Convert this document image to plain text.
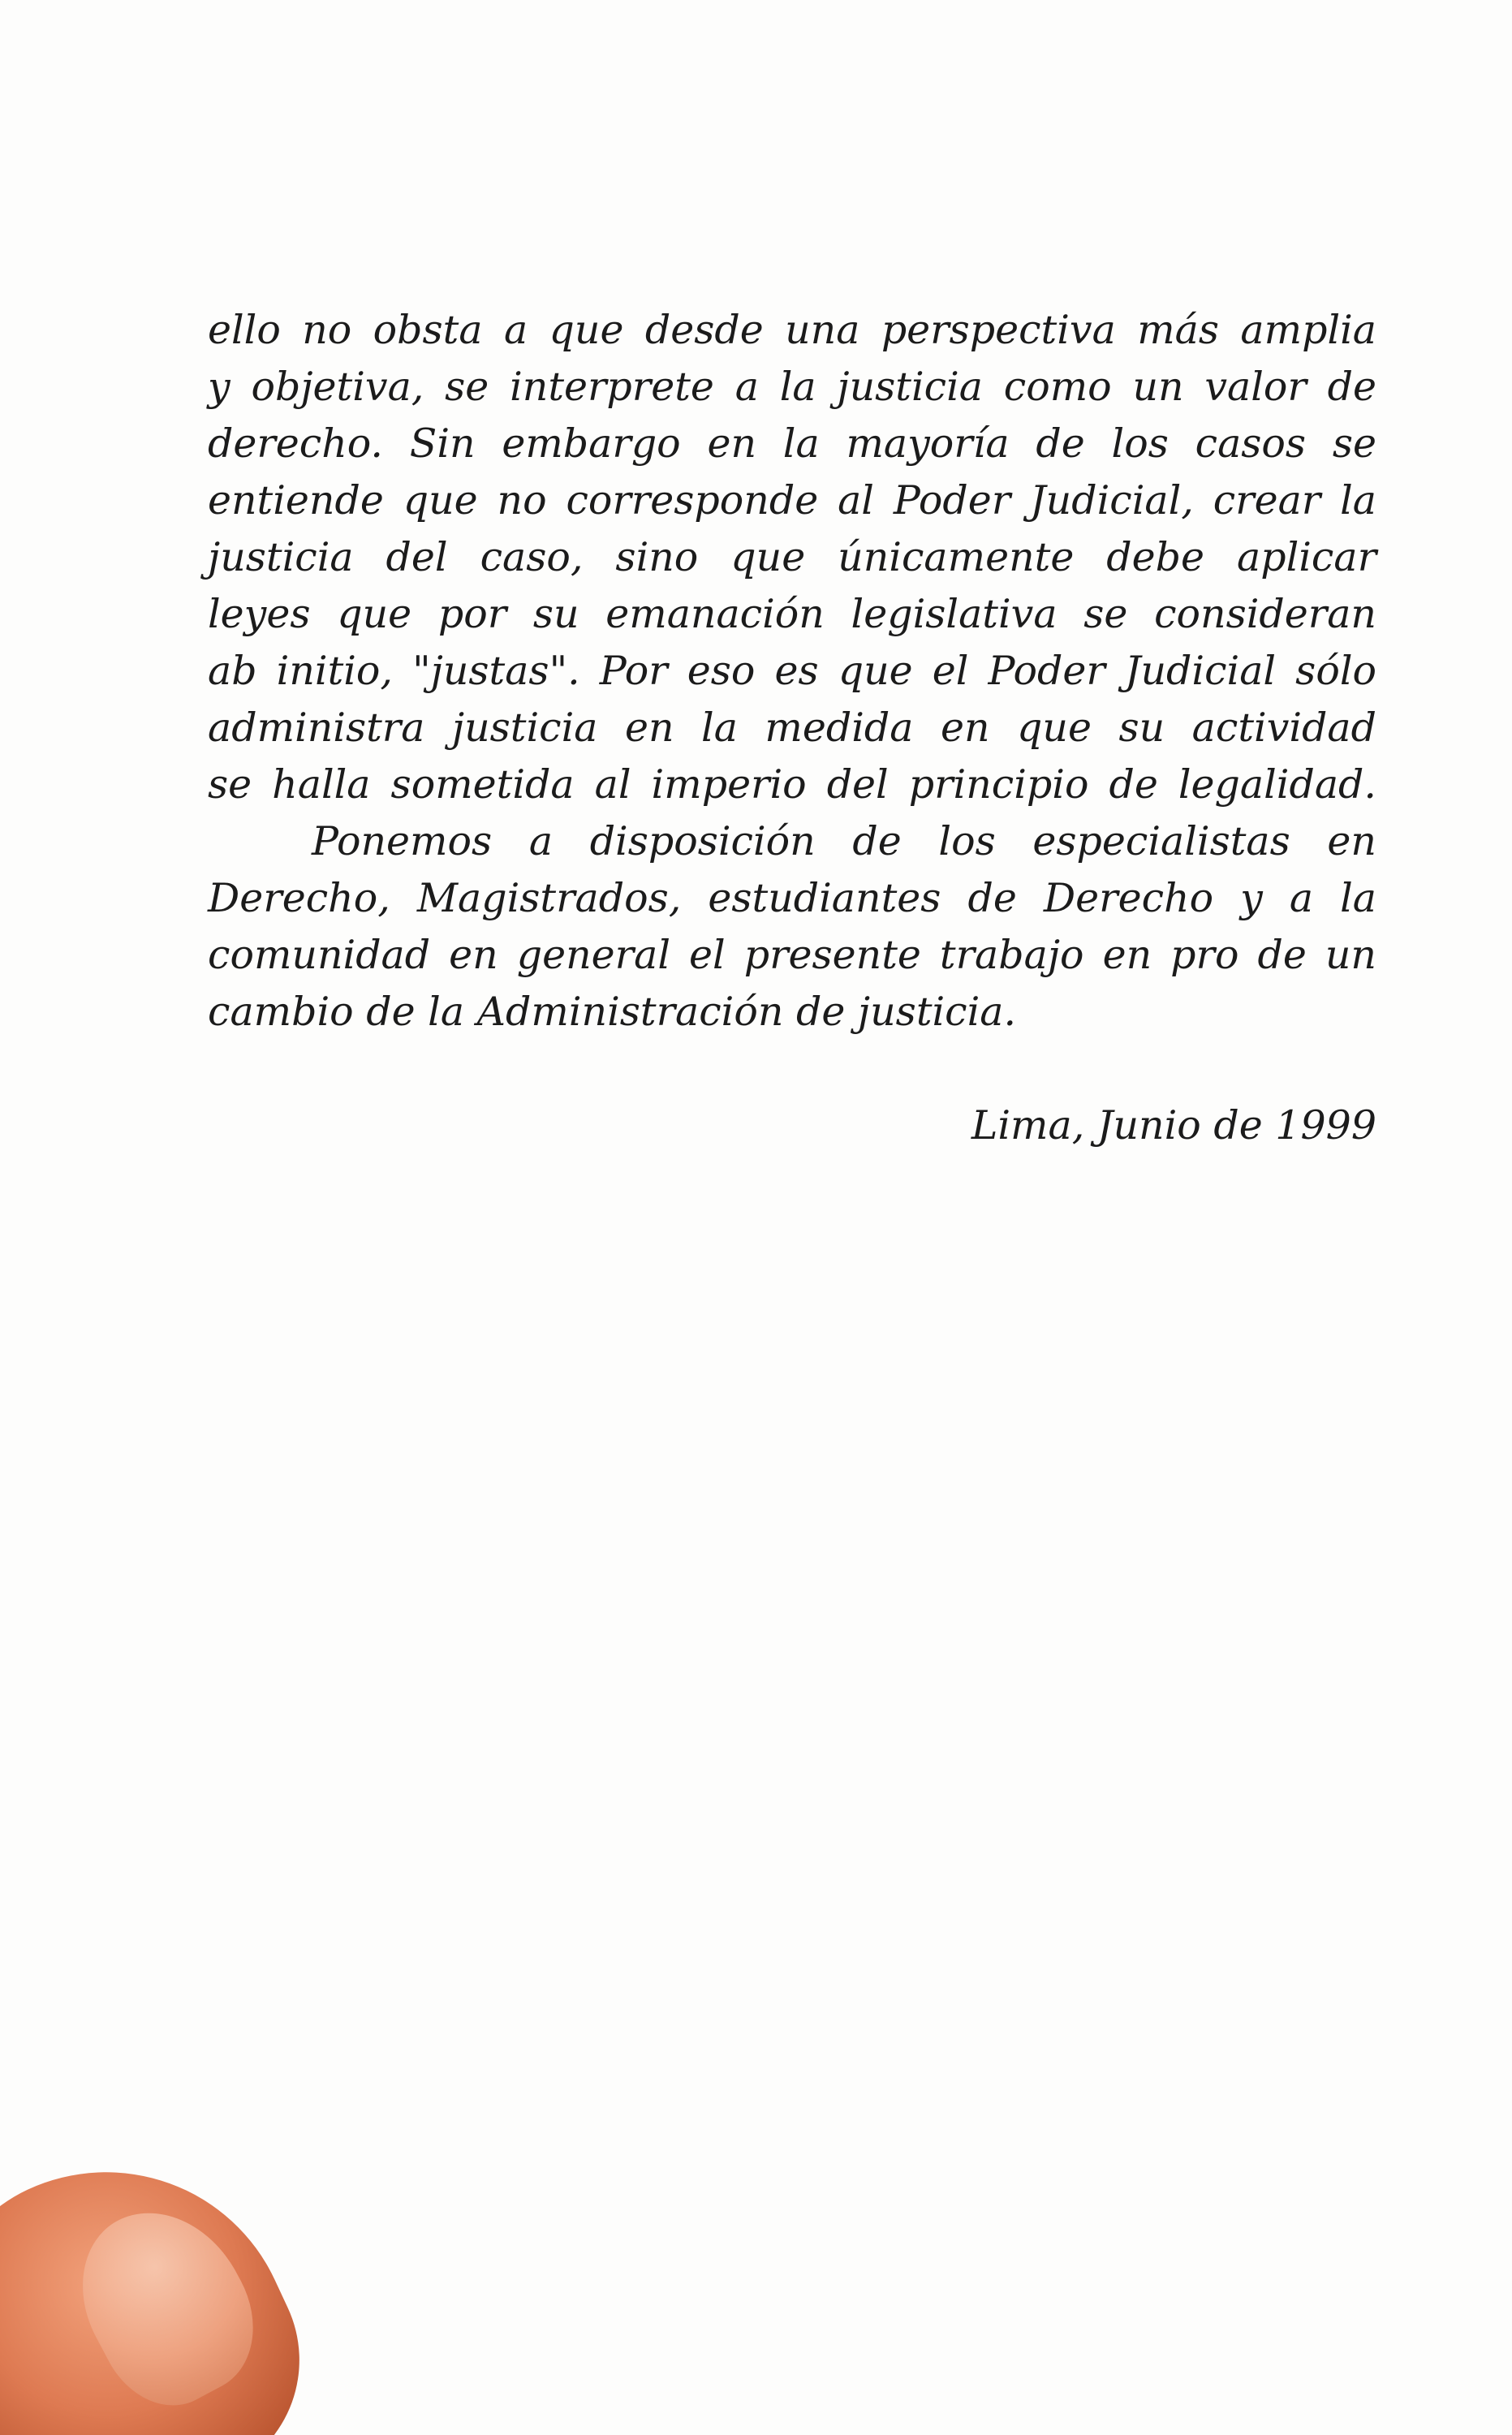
ello no obsta a que desde una perspectiva más amplia
y objetiva, se interprete a la justicia como un valor de
derecho. Sin embargo en la mayoría de los casos se
entiende que no corresponde al Poder Judicial, crear la
justicia del caso, sino que únicamente debe aplicar
leyes que por su emanación legislativa se consideran
ab initio, "justas". Por eso es que el Poder Judicial sólo
administra justicia en la medida en que su actividad
se halla sometida al imperio del principio de legalidad.

Ponemos a disposición de los especialistas en
Derecho, Magistrados, estudiantes de Derecho y a la
comunidad en general el presente trabajo en pro de un
cambio de la Administración de justicia.

Lima, Junio de 1999
